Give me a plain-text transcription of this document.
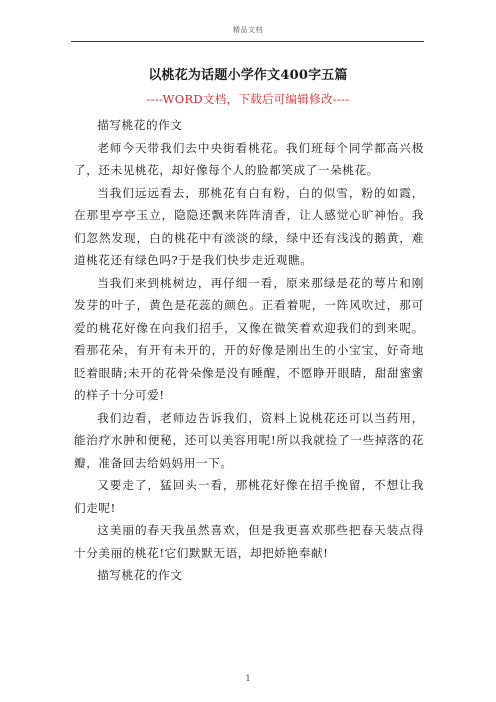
精品文档
以桃花为话题小学作文400字五篇
----WORD文档，下载后可编辑修改----

描写桃花的作文

老师今天带我们去中央街看桃花。我们班每个同学都高兴极了，还未见桃花，却好像每个人的脸都笑成了一朵桃花。

当我们远远看去，那桃花有白有粉，白的似雪，粉的如霞，在那里亭亭玉立，隐隐还飘来阵阵清香，让人感觉心旷神怡。我们忽然发现，白的桃花中有淡淡的绿，绿中还有浅浅的鹅黄，难道桃花还有绿色吗?于是我们快步走近观瞧。

当我们来到桃树边，再仔细一看，原来那绿是花的萼片和刚发芽的叶子，黄色是花蕊的颜色。正看着呢，一阵风吹过，那可爱的桃花好像在向我们招手，又像在微笑着欢迎我们的到来呢。看那花朵，有开有未开的，开的好像是刚出生的小宝宝，好奇地眨着眼睛;未开的花骨朵像是没有睡醒，不愿睁开眼睛，甜甜蜜蜜的样子十分可爱!

我们边看，老师边告诉我们，资料上说桃花还可以当药用，能治疗水肿和便秘，还可以美容用呢!所以我就捡了一些掉落的花瓣，准备回去给妈妈用一下。

又要走了，猛回头一看，那桃花好像在招手挽留，不想让我们走呢!

这美丽的春天我虽然喜欢，但是我更喜欢那些把春天装点得十分美丽的桃花!它们默默无语，却把娇艳奉献!

描写桃花的作文

1
